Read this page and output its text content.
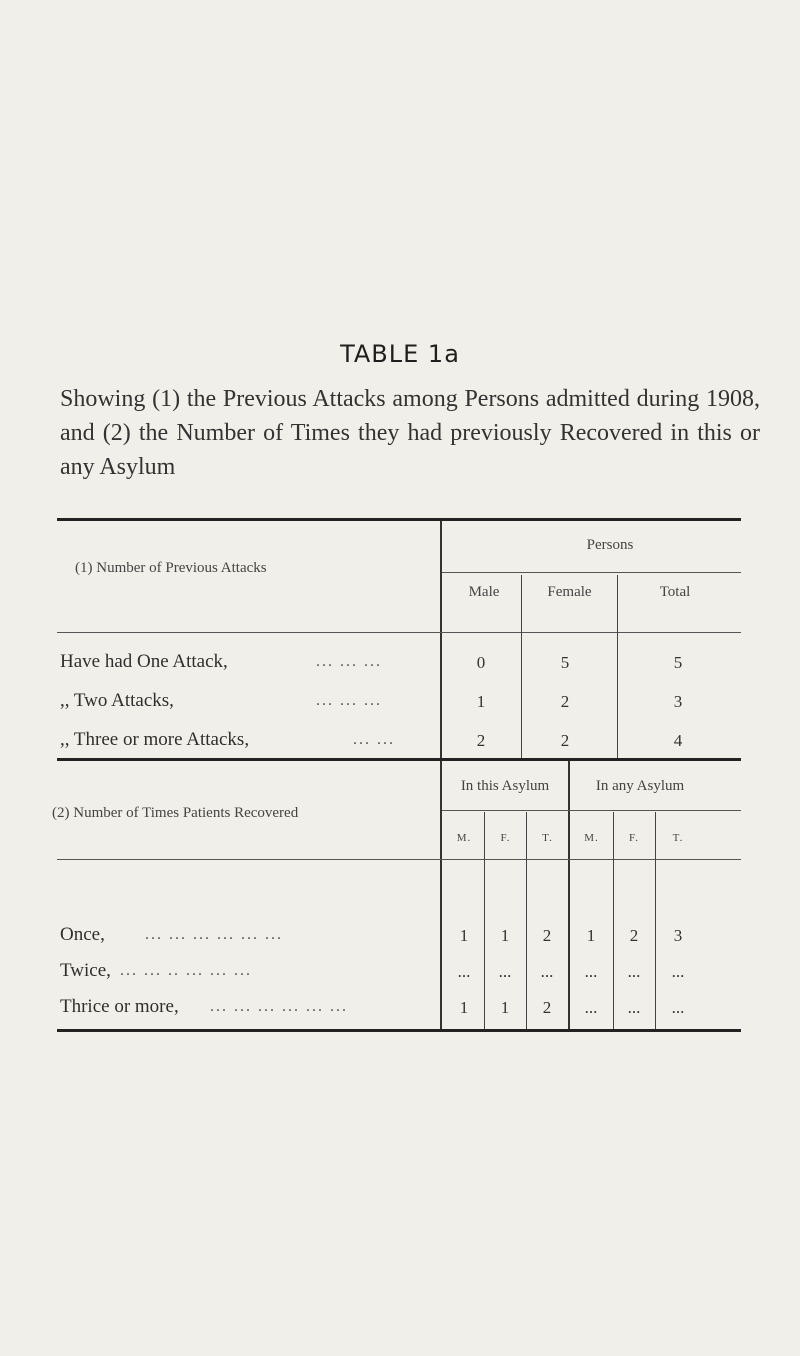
TABLE 1a
Showing (1) the Previous Attacks among Persons admitted during 1908, and (2) the Number of Times they had previously Recovered in this or any Asylum
(1) Number of Previous Attacks
Persons
Male	Female	Total
Have had One Attack,	... ... ...	0	5	5
,, Two Attacks,	... ... ...	1	2	3
,, Three or more Attacks,	... ...	2	2	4
(2) Number of Times Patients Recovered
In this Asylum	In any Asylum
M.	F.	T.	M.	F.	T.
Once,	... ... ... ... ... ...	1	1	2	1	2	3
Twice, ... ... .. ... ... ...	...	...	...	...	...	...
Thrice or more, ... ... ... ... ... ...	1	1	2	...	...	...
